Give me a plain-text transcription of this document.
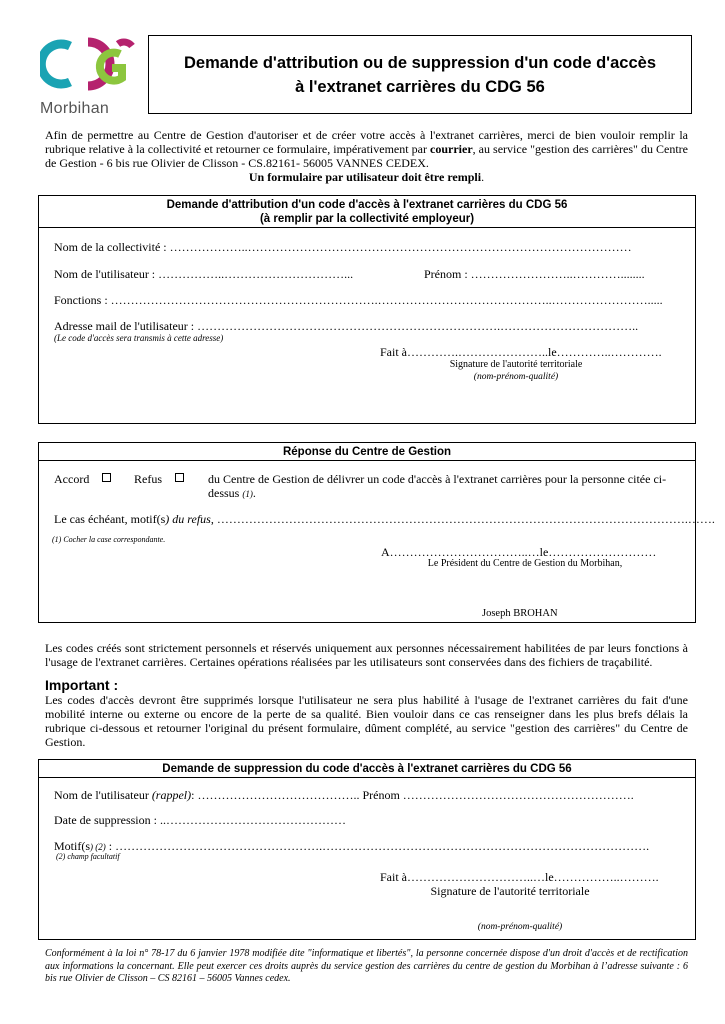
Morbihan
Demande d'attribution ou de suppression d'un code d'accès
à l'extranet carrières du CDG 56
Afin de permettre au Centre de Gestion d'autoriser et de créer votre accès à l'extranet carrières, merci de bien vouloir remplir la rubrique relative à la collectivité et retourner ce formulaire, impérativement par courrier, au service "gestion des carrières" du Centre de Gestion - 6 bis rue Olivier de Clisson - CS.82161- 56005 VANNES CEDEX.
Un formulaire par utilisateur doit être rempli.
Demande d'attribution d'un code d'accès à l'extranet carrières du CDG 56
(à remplir par la collectivité employeur)
Nom de la collectivité : ………………..……………………………………………………………………………………
Nom de l'utilisateur : ……………..…………………………...	Prénom : ……………………..…………........
Fonctions : ………………………………………………………….……………………………………..…………………….....
Adresse mail de l'utilisateur : ………………………………………………………………….……………………………..
(Le code d'accès sera transmis à cette adresse)
Fait à………….…………………..le…………..………….
Signature de l'autorité territoriale
(nom-prénom-qualité)
Réponse du Centre de Gestion
Accord	Refus	du Centre de Gestion de délivrer un code d'accès à l'extranet carrières pour la personne citée ci-
dessus (1).
Le cas échéant, motif(s) du refus, ……………………………………………………………………………………………………….…….
(1) Cocher la case correspondante.
A……………………………..…le………………………
Le Président du Centre de Gestion du Morbihan,
Joseph BROHAN
Les codes créés sont strictement personnels et réservés uniquement aux personnes nécessairement habilitées de par leurs fonctions à l'usage de l'extranet carrières. Certaines opérations réalisées par les utilisateurs sont conservées dans des fichiers de traçabilité.
Important :
Les codes d'accès devront être supprimés lorsque l'utilisateur ne sera plus habilité à l'usage de l'extranet carrières du fait d'une mobilité interne ou externe ou encore de la perte de sa qualité. Bien vouloir dans ce cas renseigner dans les plus brefs délais la rubrique ci-dessous et retourner l'original du présent formulaire, dûment complété, au service "gestion des carrières" du Centre de Gestion.
Demande de suppression du code d'accès à l'extranet carrières du CDG 56
Nom de l'utilisateur (rappel): ………………………………….. Prénom ………………………………………………….
Date de suppression : ..………………………………………
Motif(s) (2) : …………………………………………….……………………………………………………………………….
(2) champ facultatif
Fait à…………………………..…le……………..……….
Signature de l'autorité territoriale
(nom-prénom-qualité)
Conformément à la loi n° 78-17 du 6 janvier 1978 modifiée dite "informatique et libertés", la personne concernée dispose d'un droit d'accès et de rectification aux informations la concernant. Elle peut exercer ces droits auprès du service gestion des carrières du centre de gestion du Morbihan à l’adresse suivante : 6 bis rue Olivier de Clisson – CS 82161 – 56005 Vannes cedex.
